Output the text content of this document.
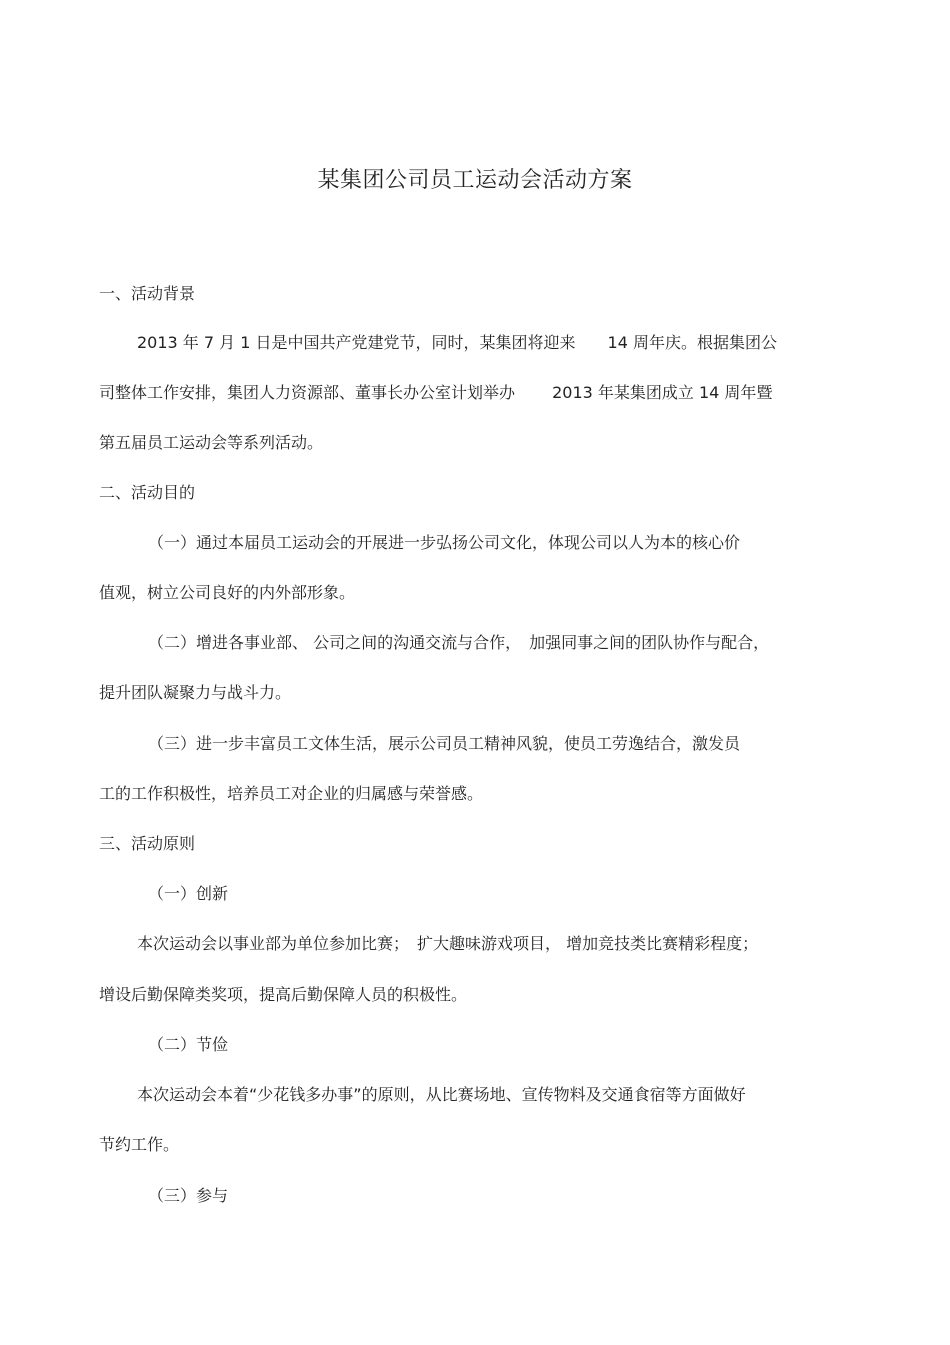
某集团公司员工运动会活动方案
一、活动背景
2013 年 7 月 1 日是中国共产党建党节，同时，某集团将迎来　　14 周年庆。根据集团公
司整体工作安排，集团人力资源部、董事长办公室计划举办　　 2013 年某集团成立 14 周年暨
第五届员工运动会等系列活动。
二、活动目的
（一）通过本届员工运动会的开展进一步弘扬公司文化，体现公司以人为本的核心价
值观，树立公司良好的内外部形象。
（二）增进各事业部、 公司之间的沟通交流与合作，　加强同事之间的团队协作与配合，
提升团队凝聚力与战斗力。
（三）进一步丰富员工文体生活，展示公司员工精神风貌，使员工劳逸结合，激发员
工的工作积极性，培养员工对企业的归属感与荣誉感。
三、活动原则
（一）创新
本次运动会以事业部为单位参加比赛；　扩大趣味游戏项目， 增加竞技类比赛精彩程度；
增设后勤保障类奖项，提高后勤保障人员的积极性。
（二）节俭
本次运动会本着“少花钱多办事”的原则，从比赛场地、宣传物料及交通食宿等方面做好
节约工作。
（三）参与
